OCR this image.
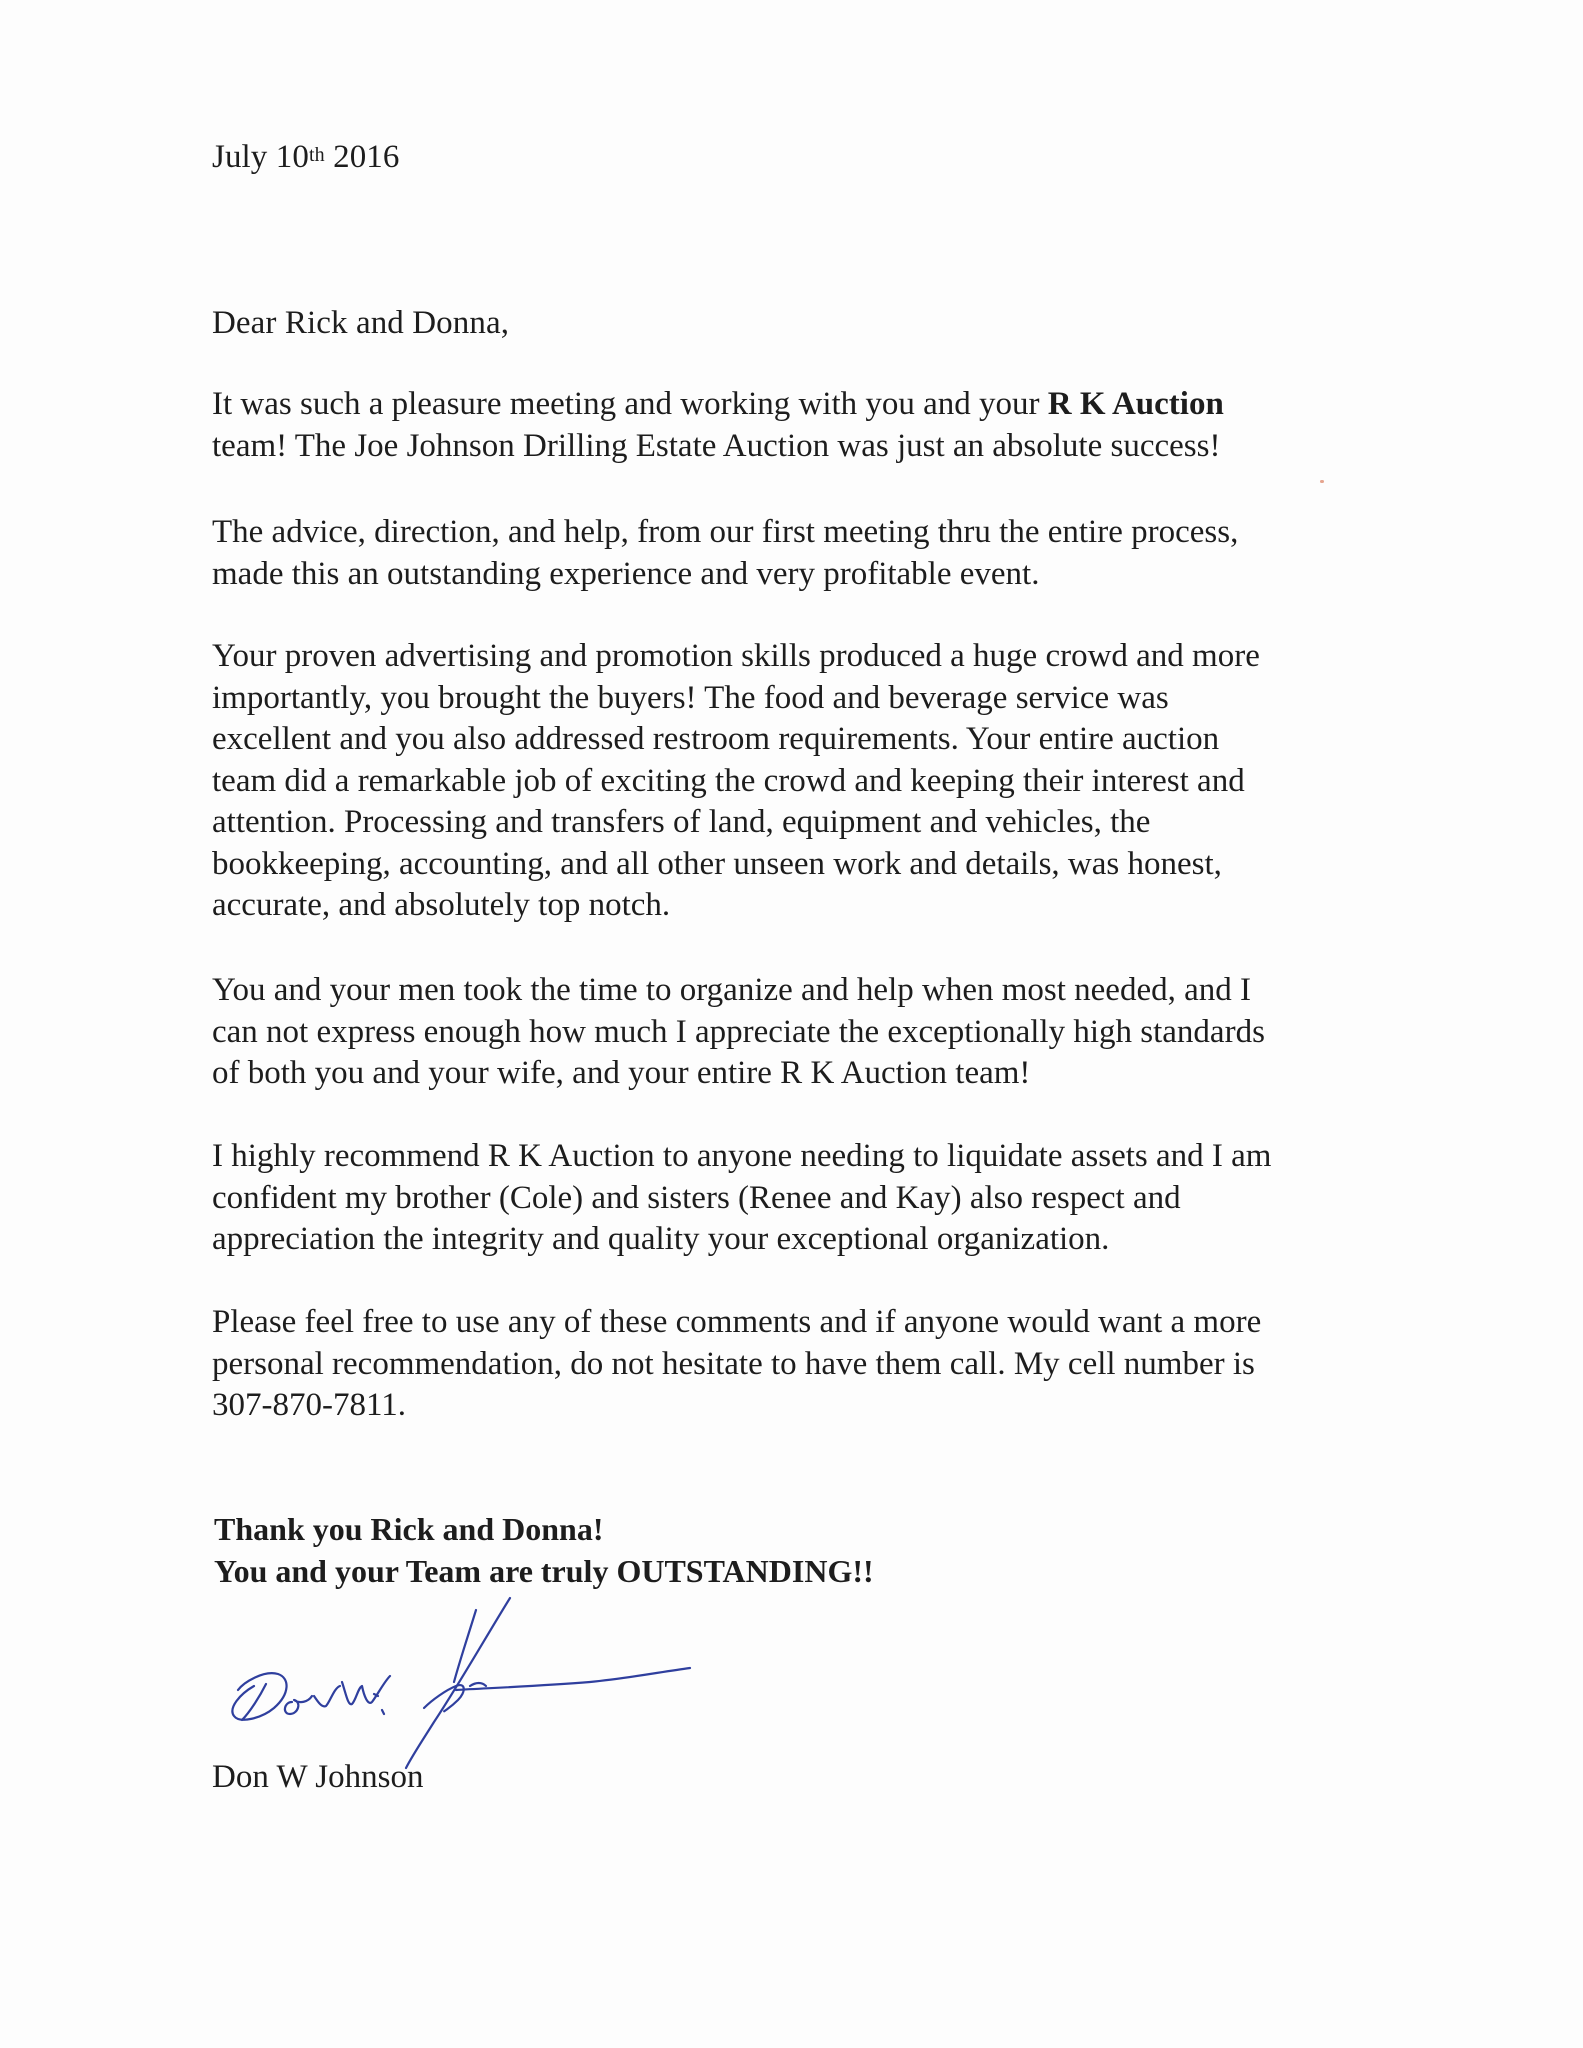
July 10th 2016
Dear Rick and Donna,
It was such a pleasure meeting and working with you and your R K Auction
team! The Joe Johnson Drilling Estate Auction was just an absolute success!
The advice, direction, and help, from our first meeting thru the entire process,
made this an outstanding experience and very profitable event.
Your proven advertising and promotion skills produced a huge crowd and more
importantly, you brought the buyers! The food and beverage service was
excellent and you also addressed restroom requirements. Your entire auction
team did a remarkable job of exciting the crowd and keeping their interest and
attention. Processing and transfers of land, equipment and vehicles, the
bookkeeping, accounting, and all other unseen work and details, was honest,
accurate, and absolutely top notch.
You and your men took the time to organize and help when most needed, and I
can not express enough how much I appreciate the exceptionally high standards
of both you and your wife, and your entire R K Auction team!
I highly recommend R K Auction to anyone needing to liquidate assets and I am
confident my brother (Cole) and sisters (Renee and Kay) also respect and
appreciation the integrity and quality your exceptional organization.
Please feel free to use any of these comments and if anyone would want a more
personal recommendation, do not hesitate to have them call. My cell number is
307-870-7811.
Thank you Rick and Donna!
You and your Team are truly OUTSTANDING!!
Don W Johnson
